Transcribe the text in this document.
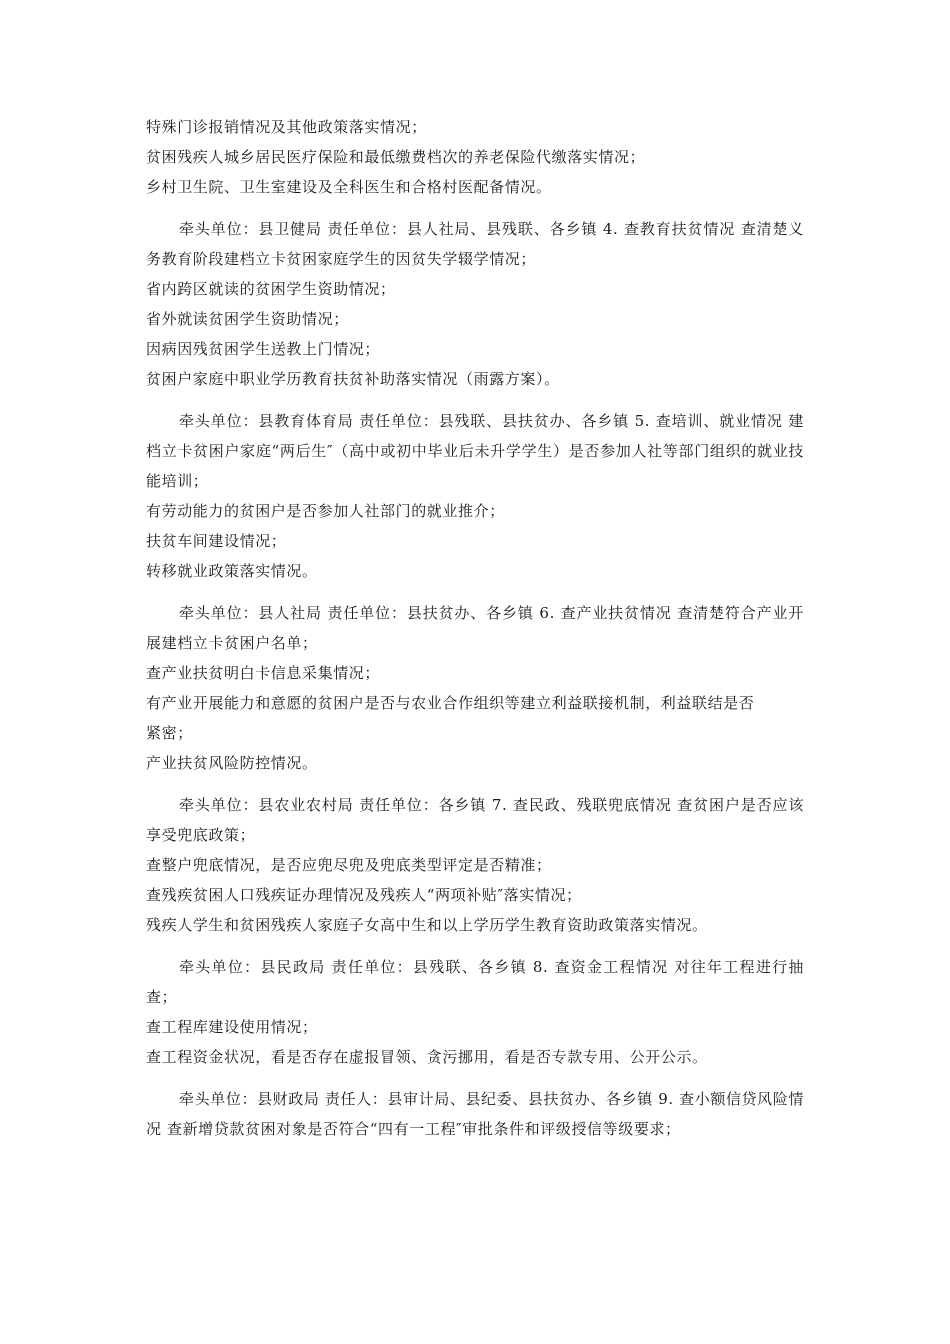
特殊门诊报销情况及其他政策落实情况；
贫困残疾人城乡居民医疗保险和最低缴费档次的养老保险代缴落实情况；
乡村卫生院、卫生室建设及全科医生和合格村医配备情况。
牵头单位：县卫健局 责任单位：县人社局、县残联、各乡镇 4. 查教育扶贫情况 查清楚义务教育阶段建档立卡贫困家庭学生的因贫失学辍学情况；
省内跨区就读的贫困学生资助情况；
省外就读贫困学生资助情况；
因病因残贫困学生送教上门情况；
贫困户家庭中职业学历教育扶贫补助落实情况（雨露方案）。
牵头单位：县教育体育局 责任单位：县残联、县扶贫办、各乡镇 5. 查培训、就业情况 建档立卡贫困户家庭“两后生″（高中或初中毕业后未升学学生）是否参加人社等部门组织的就业技能培训；
有劳动能力的贫困户是否参加人社部门的就业推介；
扶贫车间建设情况；
转移就业政策落实情况。
牵头单位：县人社局 责任单位：县扶贫办、各乡镇 6. 查产业扶贫情况 查清楚符合产业开展建档立卡贫困户名单；
查产业扶贫明白卡信息采集情况；
有产业开展能力和意愿的贫困户是否与农业合作组织等建立利益联接机制，利益联结是否
紧密；
产业扶贫风险防控情况。
牵头单位：县农业农村局 责任单位：各乡镇 7. 查民政、残联兜底情况 查贫困户是否应该享受兜底政策；
查整户兜底情况，是否应兜尽兜及兜底类型评定是否精准；
查残疾贫困人口残疾证办理情况及残疾人“两项补贴″落实情况；
残疾人学生和贫困残疾人家庭子女高中生和以上学历学生教育资助政策落实情况。
牵头单位：县民政局 责任单位：县残联、各乡镇 8. 查资金工程情况 对往年工程进行抽查；
查工程库建设使用情况；
查工程资金状况，看是否存在虚报冒领、贪污挪用，看是否专款专用、公开公示。
牵头单位：县财政局 责任人：县审计局、县纪委、县扶贫办、各乡镇 9. 查小额信贷风险情况 查新增贷款贫困对象是否符合“四有一工程″审批条件和评级授信等级要求；
